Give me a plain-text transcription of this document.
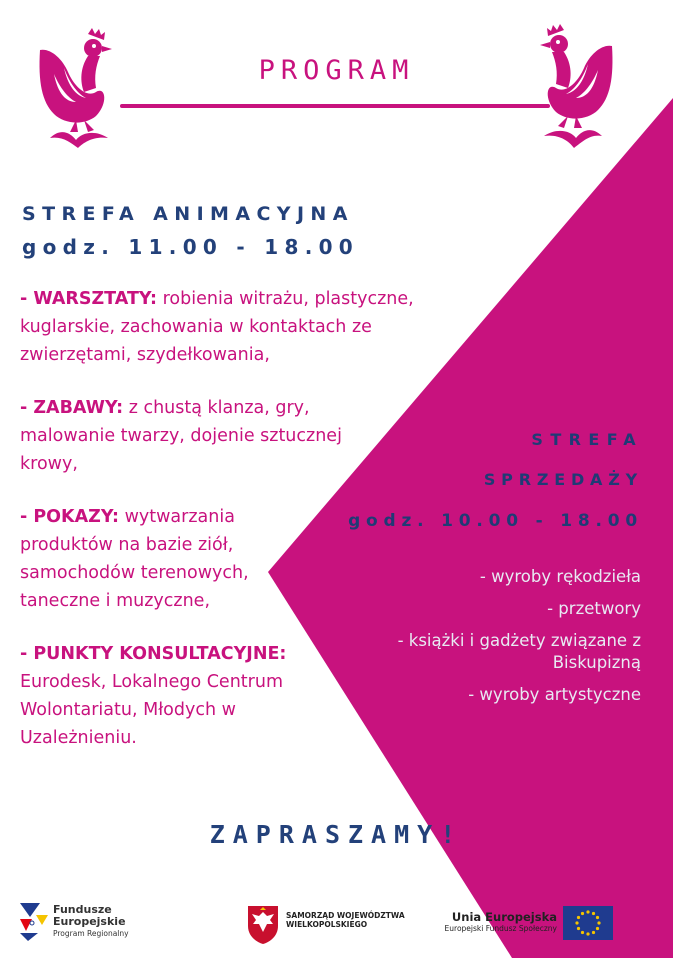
PROGRAM
STREFA ANIMACYJNA
godz. 11.00 - 18.00

- WARSZTATY: robienia witrażu, plastyczne, kuglarskie, zachowania w kontaktach ze zwierzętami, szydełkowania,

- ZABAWY: z chustą klanza, gry, malowanie twarzy, dojenie sztucznej krowy,

- POKAZY: wytwarzania produktów na bazie ziół, samochodów terenowych, taneczne i muzyczne,

- PUNKTY KONSULTACYJNE:
Eurodesk, Lokalnego Centrum Wolontariatu, Młodych w Uzależnieniu.

STREFA
SPRZEDAŻY
godz. 10.00 - 18.00
- wyroby rękodzieła
- przetwory
- książki i gadżety związane z Biskupizną
- wyroby artystyczne
ZAPRASZAMY!
Fundusze
Europejskie
Program Regionalny
SAMORZĄD WOJEWÓDZTWA
WIELKOPOLSKIEGO
Unia Europejska
Europejski Fundusz Społeczny
